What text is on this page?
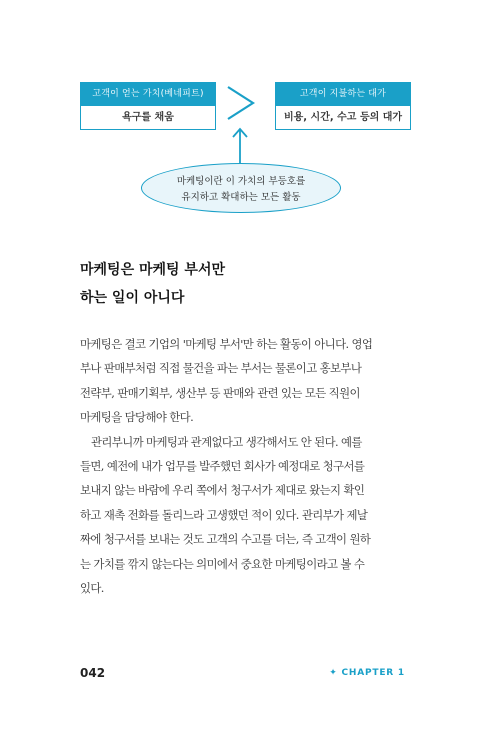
고객이 얻는 가치(베네피트)
욕구를 채움
고객이 지불하는 대가
비용, 시간, 수고 등의 대가
마케팅이란 이 가치의 부등호를
유지하고 확대하는 모든 활동
마케팅은 마케팅 부서만
하는 일이 아니다
마케팅은 결코 기업의 '마케팅 부서'만 하는 활동이 아니다. 영업
부나 판매부처럼 직접 물건을 파는 부서는 물론이고 홍보부나
전략부, 판매기획부, 생산부 등 판매와 관련 있는 모든 직원이
마케팅을 담당해야 한다.
관리부니까 마케팅과 관계없다고 생각해서도 안 된다. 예를
들면, 예전에 내가 업무를 발주했던 회사가 예정대로 청구서를
보내지 않는 바람에 우리 쪽에서 청구서가 제대로 왔는지 확인
하고 재촉 전화를 돌리느라 고생했던 적이 있다. 관리부가 제날
짜에 청구서를 보내는 것도 고객의 수고를 더는, 즉 고객이 원하
는 가치를 깎지 않는다는 의미에서 중요한 마케팅이라고 볼 수
있다.
042	✦ CHAPTER 1
